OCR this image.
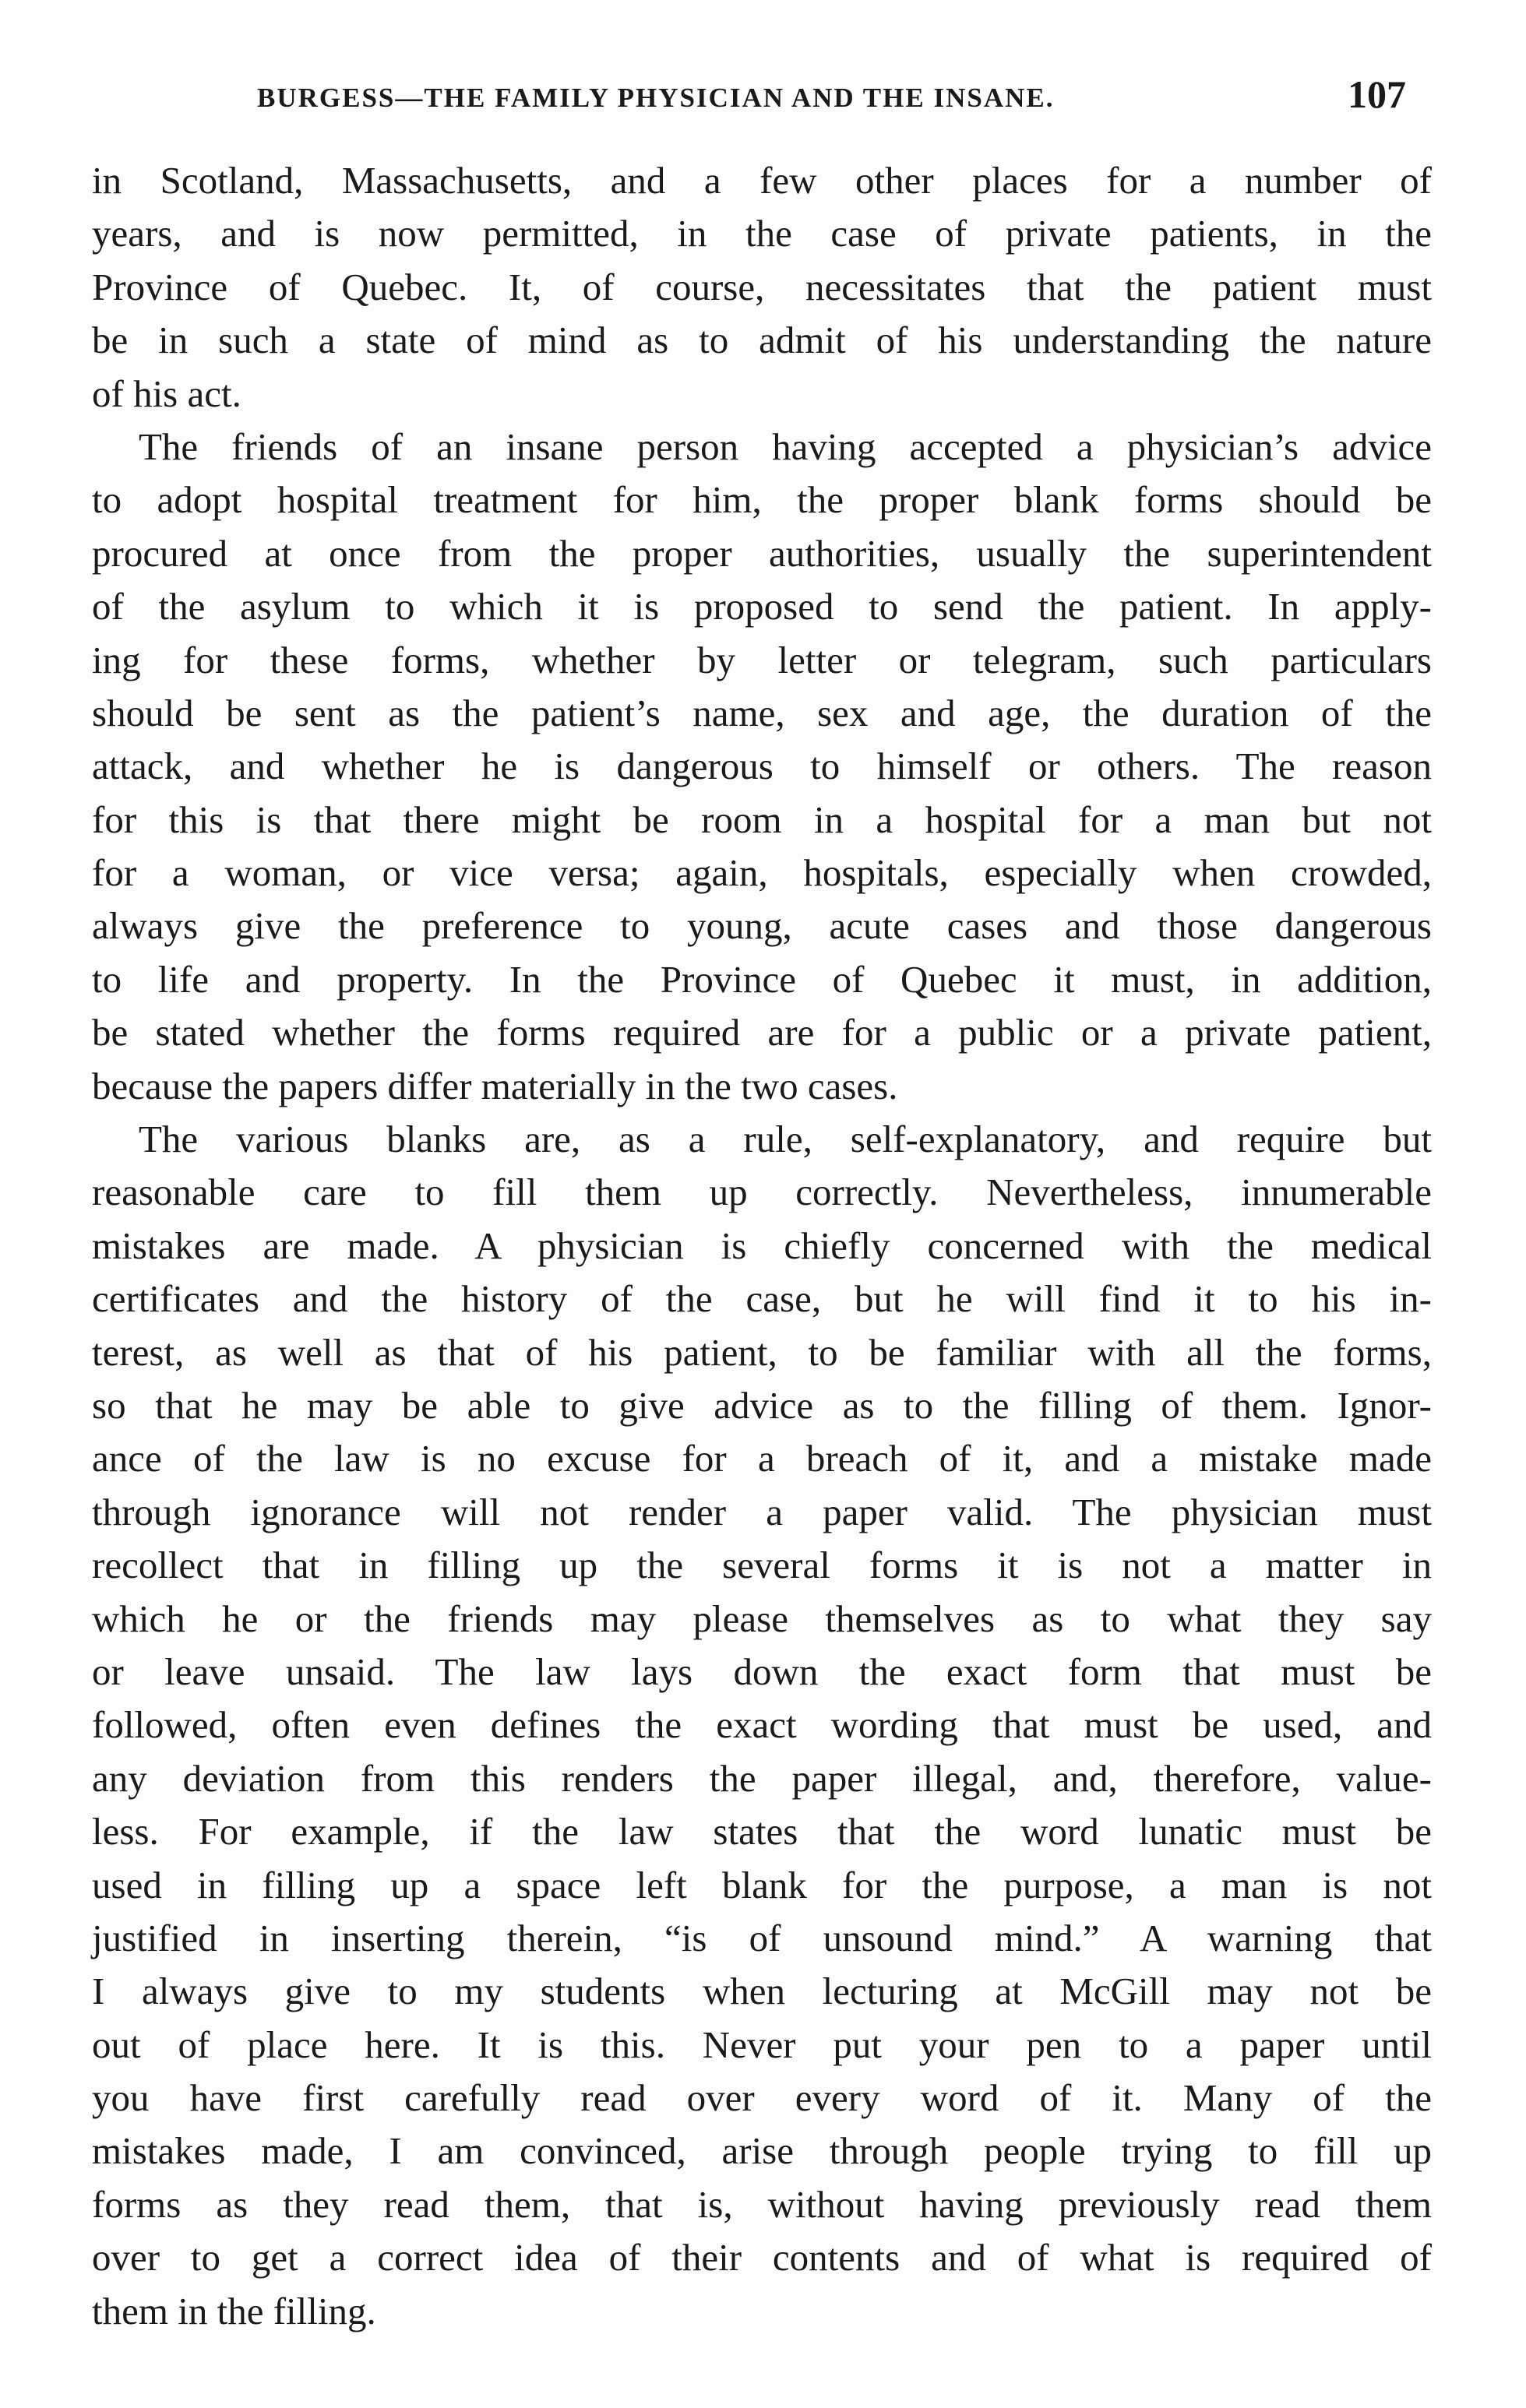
BURGESS—THE FAMILY PHYSICIAN AND THE INSANE.	107
in Scotland, Massachusetts, and a few other places for a number of
years, and is now permitted, in the case of private patients, in the
Province of Quebec. It, of course, necessitates that the patient must
be in such a state of mind as to admit of his understanding the nature
of his act.
The friends of an insane person having accepted a physician’s advice
to adopt hospital treatment for him, the proper blank forms should be
procured at once from the proper authorities, usually the superintendent
of the asylum to which it is proposed to send the patient. In apply-
ing for these forms, whether by letter or telegram, such particulars
should be sent as the patient’s name, sex and age, the duration of the
attack, and whether he is dangerous to himself or others. The reason
for this is that there might be room in a hospital for a man but not
for a woman, or vice versa; again, hospitals, especially when crowded,
always give the preference to young, acute cases and those dangerous
to life and property. In the Province of Quebec it must, in addition,
be stated whether the forms required are for a public or a private patient,
because the papers differ materially in the two cases.
The various blanks are, as a rule, self-explanatory, and require but
reasonable care to fill them up correctly. Nevertheless, innumerable
mistakes are made. A physician is chiefly concerned with the medical
certificates and the history of the case, but he will find it to his in-
terest, as well as that of his patient, to be familiar with all the forms,
so that he may be able to give advice as to the filling of them. Ignor-
ance of the law is no excuse for a breach of it, and a mistake made
through ignorance will not render a paper valid. The physician must
recollect that in filling up the several forms it is not a matter in
which he or the friends may please themselves as to what they say
or leave unsaid. The law lays down the exact form that must be
followed, often even defines the exact wording that must be used, and
any deviation from this renders the paper illegal, and, therefore, value-
less. For example, if the law states that the word lunatic must be
used in filling up a space left blank for the purpose, a man is not
justified in inserting therein, “is of unsound mind.” A warning that
I always give to my students when lecturing at McGill may not be
out of place here. It is this. Never put your pen to a paper until
you have first carefully read over every word of it. Many of the
mistakes made, I am convinced, arise through people trying to fill up
forms as they read them, that is, without having previously read them
over to get a correct idea of their contents and of what is required of
them in the filling.
